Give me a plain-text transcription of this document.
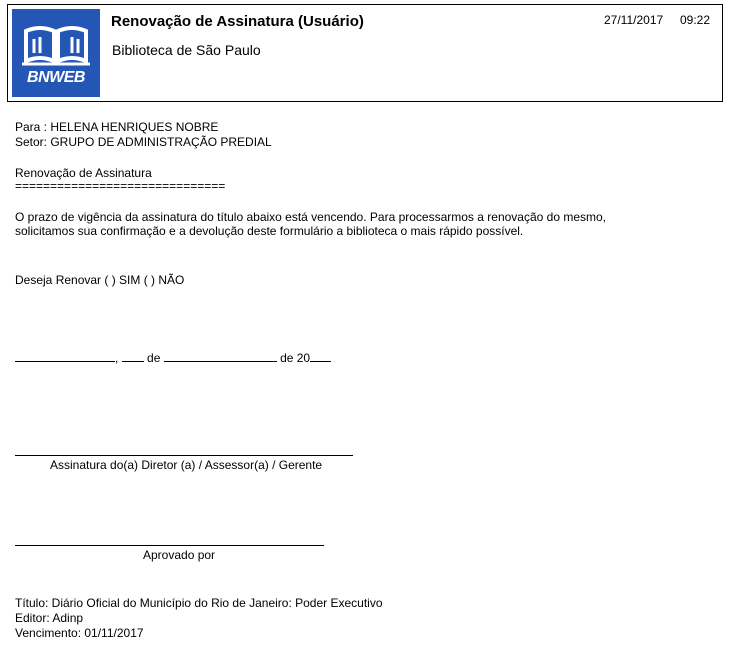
BNWEB
Renovação de Assinatura (Usuário)
Biblioteca de São Paulo
27/11/2017 09:22
Para : HELENA HENRIQUES NOBRE
Setor: GRUPO DE ADMINISTRAÇÃO PREDIAL
Renovação de Assinatura
==============================
O prazo de vigência da assinatura do título abaixo está vencendo. Para processarmos a renovação do mesmo, solicitamos sua confirmação e a devolução deste formulário a biblioteca o mais rápido possível.
Deseja Renovar ( ) SIM ( ) NÃO
, de	de 20
Assinatura do(a) Diretor (a) / Assessor(a) / Gerente
Aprovado por
Título: Diário Oficial do Município do Rio de Janeiro: Poder Executivo
Editor: Adinp
Vencimento: 01/11/2017
